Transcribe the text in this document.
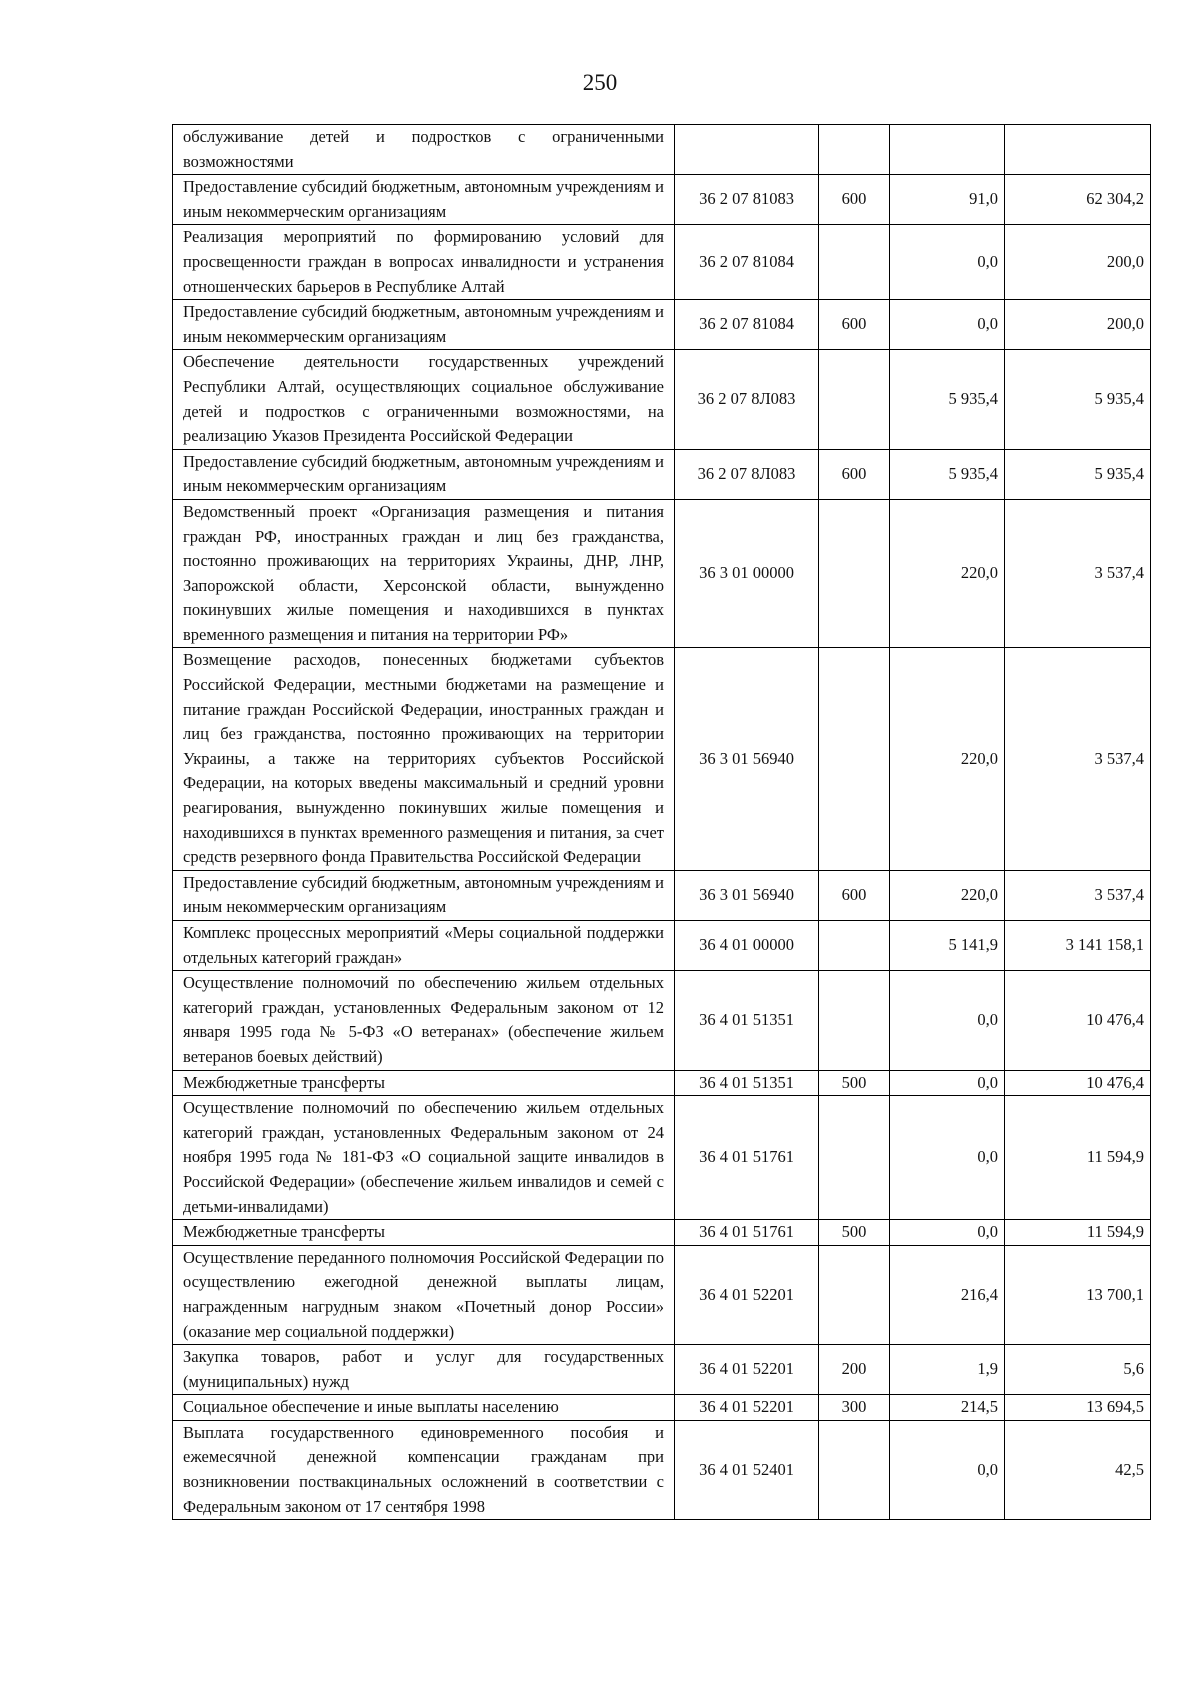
250
обслуживание детей и подростков с ограниченными возможностями				
Предоставление субсидий бюджетным, автономным учреждениям и иным некоммерческим организациям	36 2 07 81083	600	91,0	62 304,2
Реализация мероприятий по формированию условий для просвещенности граждан в вопросах инвалидности и устранения отношенческих барьеров в Республике Алтай	36 2 07 81084		0,0	200,0
Предоставление субсидий бюджетным, автономным учреждениям и иным некоммерческим организациям	36 2 07 81084	600	0,0	200,0
Обеспечение деятельности государственных учреждений Республики Алтай, осуществляющих социальное обслуживание детей и подростков с ограниченными возможностями, на реализацию Указов Президента Российской Федерации	36 2 07 8Л083		5 935,4	5 935,4
Предоставление субсидий бюджетным, автономным учреждениям и иным некоммерческим организациям	36 2 07 8Л083	600	5 935,4	5 935,4
Ведомственный проект «Организация размещения и питания граждан РФ, иностранных граждан и лиц без гражданства, постоянно проживающих на территориях Украины, ДНР, ЛНР, Запорожской области, Херсонской области, вынужденно покинувших жилые помещения и находившихся в пунктах временного размещения и питания на территории РФ»	36 3 01 00000		220,0	3 537,4
Возмещение расходов, понесенных бюджетами субъектов Российской Федерации, местными бюджетами на размещение и питание граждан Российской Федерации, иностранных граждан и лиц без гражданства, постоянно проживающих на территории Украины, а также на территориях субъектов Российской Федерации, на которых введены максимальный и средний уровни реагирования, вынужденно покинувших жилые помещения и находившихся в пунктах временного размещения и питания, за счет средств резервного фонда Правительства Российской Федерации	36 3 01 56940		220,0	3 537,4
Предоставление субсидий бюджетным, автономным учреждениям и иным некоммерческим организациям	36 3 01 56940	600	220,0	3 537,4
Комплекс процессных мероприятий «Меры социальной поддержки отдельных категорий граждан»	36 4 01 00000		5 141,9	3 141 158,1
Осуществление полномочий по обеспечению жильем отдельных категорий граждан, установленных Федеральным законом от 12 января 1995 года № 5-ФЗ «О ветеранах» (обеспечение жильем ветеранов боевых действий)	36 4 01 51351		0,0	10 476,4
Межбюджетные трансферты	36 4 01 51351	500	0,0	10 476,4
Осуществление полномочий по обеспечению жильем отдельных категорий граждан, установленных Федеральным законом от 24 ноября 1995 года № 181-ФЗ «О социальной защите инвалидов в Российской Федерации» (обеспечение жильем инвалидов и семей с детьми-инвалидами)	36 4 01 51761		0,0	11 594,9
Межбюджетные трансферты	36 4 01 51761	500	0,0	11 594,9
Осуществление переданного полномочия Российской Федерации по осуществлению ежегодной денежной выплаты лицам, награжденным нагрудным знаком «Почетный донор России» (оказание мер социальной поддержки)	36 4 01 52201		216,4	13 700,1
Закупка товаров, работ и услуг для государственных (муниципальных) нужд	36 4 01 52201	200	1,9	5,6
Социальное обеспечение и иные выплаты населению	36 4 01 52201	300	214,5	13 694,5
Выплата государственного единовременного пособия и ежемесячной денежной компенсации гражданам при возникновении поствакцинальных осложнений в соответствии с Федеральным законом от 17 сентября 1998	36 4 01 52401		0,0	42,5
